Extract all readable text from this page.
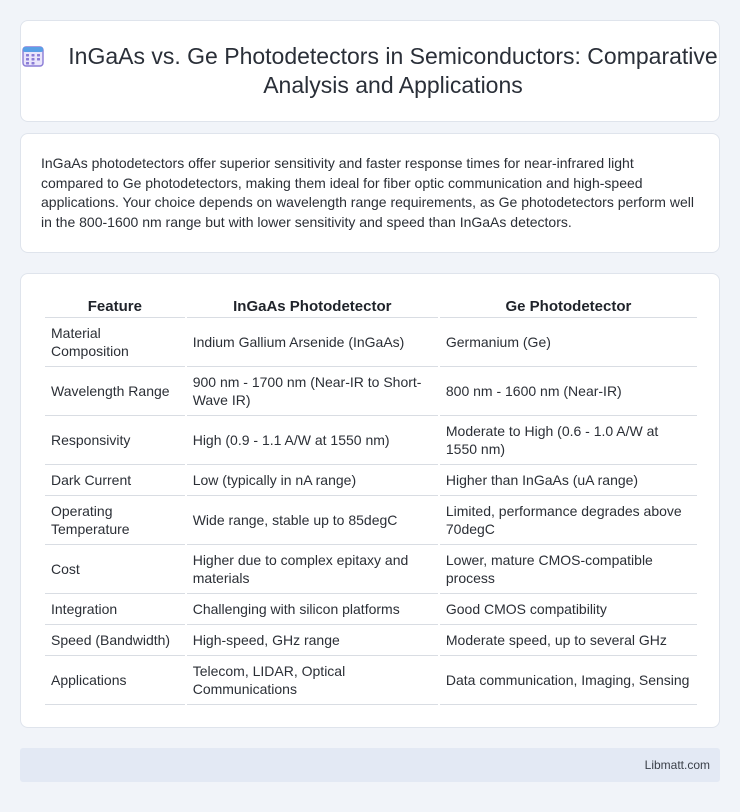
InGaAs vs. Ge Photodetectors in Semiconductors: Comparative Analysis and Applications

InGaAs photodetectors offer superior sensitivity and faster response times for near-infrared light compared to Ge photodetectors, making them ideal for fiber optic communication and high-speed applications. Your choice depends on wavelength range requirements, as Ge photodetectors perform well in the 800-1600 nm range but with lower sensitivity and speed than InGaAs detectors.

Feature	InGaAs Photodetector	Ge Photodetector
Material Composition	Indium Gallium Arsenide (InGaAs)	Germanium (Ge)
Wavelength Range	900 nm - 1700 nm (Near-IR to Short-Wave IR)	800 nm - 1600 nm (Near-IR)
Responsivity	High (0.9 - 1.1 A/W at 1550 nm)	Moderate to High (0.6 - 1.0 A/W at 1550 nm)
Dark Current	Low (typically in nA range)	Higher than InGaAs (uA range)
Operating Temperature	Wide range, stable up to 85degC	Limited, performance degrades above 70degC
Cost	Higher due to complex epitaxy and materials	Lower, mature CMOS-compatible process
Integration	Challenging with silicon platforms	Good CMOS compatibility
Speed (Bandwidth)	High-speed, GHz range	Moderate speed, up to several GHz
Applications	Telecom, LIDAR, Optical Communications	Data communication, Imaging, Sensing
Libmatt.com
